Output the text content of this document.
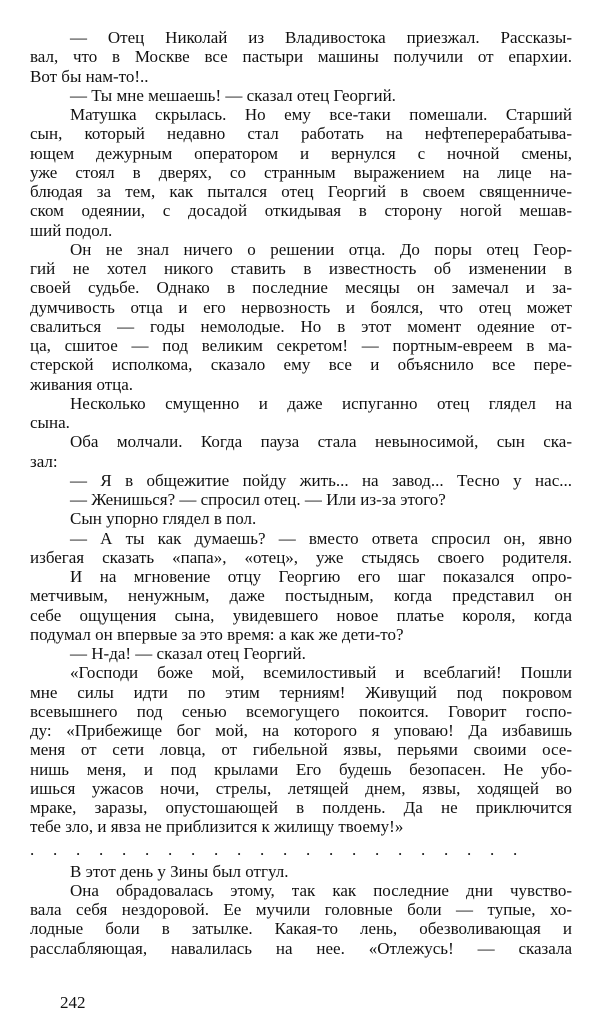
— Отец Николай из Владивостока приезжал. Рассказы-
вал, что в Москве все пастыри машины получили от епархии.
Вот бы нам-то!..
— Ты мне мешаешь! — сказал отец Георгий.
Матушка скрылась. Но ему все-таки помешали. Старший
сын, который недавно стал работать на нефтеперерабатыва-
ющем дежурным оператором и вернулся с ночной смены,
уже стоял в дверях, со странным выражением на лице на-
блюдая за тем, как пытался отец Георгий в своем священниче-
ском одеянии, с досадой откидывая в сторону ногой мешав-
ший подол.
Он не знал ничего о решении отца. До поры отец Геор-
гий не хотел никого ставить в известность об изменении в
своей судьбе. Однако в последние месяцы он замечал и за-
думчивость отца и его нервозность и боялся, что отец может
свалиться — годы немолодые. Но в этот момент одеяние от-
ца, сшитое — под великим секретом! — портным-евреем в ма-
стерской исполкома, сказало ему все и объяснило все пере-
живания отца.
Несколько смущенно и даже испуганно отец глядел на
сына.
Оба молчали. Когда пауза стала невыносимой, сын ска-
зал:
— Я в общежитие пойду жить... на завод... Тесно у нас...
— Женишься? — спросил отец. — Или из-за этого?
Сын упорно глядел в пол.
— А ты как думаешь? — вместо ответа спросил он, явно
избегая сказать «папа», «отец», уже стыдясь своего родителя.
И на мгновение отцу Георгию его шаг показался опро-
метчивым, ненужным, даже постыдным, когда представил он
себе ощущения сына, увидевшего новое платье короля, когда
подумал он впервые за это время: а как же дети-то?
— Н-да! — сказал отец Георгий.
«Господи боже мой, всемилостивый и всеблагий! Пошли
мне силы идти по этим терниям! Живущий под покровом
всевышнего под сенью всемогущего покоится. Говорит госпо-
ду: «Прибежище бог мой, на которого я уповаю! Да избавишь
меня от сети ловца, от гибельной язвы, перьями своими осе-
нишь меня, и под крылами Его будешь безопасен. Не убо-
ишься ужасов ночи, стрелы, летящей днем, язвы, ходящей во
мраке, заразы, опустошающей в полдень. Да не приключится
тебе зло, и явза не приблизится к жилищу твоему!»
. . . . . . . . . . . . . . . . . . . . . .
В этот день у Зины был отгул.
Она обрадовалась этому, так как последние дни чувство-
вала себя нездоровой. Ее мучили головные боли — тупые, хо-
лодные боли в затылке. Какая-то лень, обезволивающая и
расслабляющая, навалилась на нее. «Отлежусь! — сказала
242
